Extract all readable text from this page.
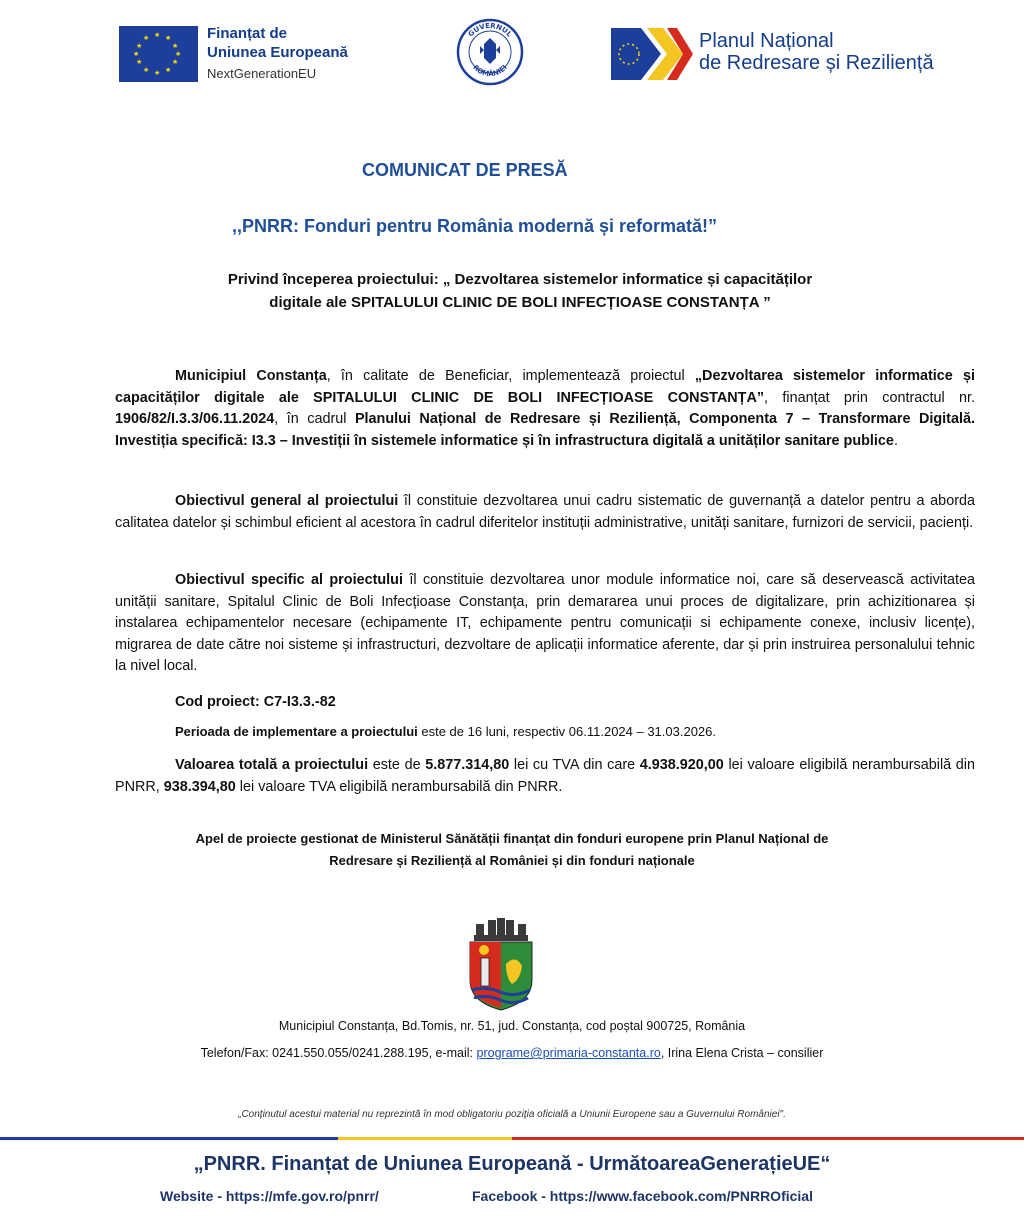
★ ★
★
★
★
★
★
★
★
★
★
★	Finanțat de
Uniunea Europeană
NextGenerationEU
GUVERNUL
ROMÂNIEI
Planul Național
de Redresare și Reziliență
COMUNICAT DE PRESĂ
,,PNRR: Fonduri pentru România modernă și reformată!”
Privind începerea proiectului: „ Dezvoltarea sistemelor informatice și capacităților
digitale ale SPITALULUI CLINIC DE BOLI INFECȚIOASE CONSTANȚA ”
Municipiul Constanța, în calitate de Beneficiar, implementează proiectul „Dezvoltarea sistemelor informatice și capacităților digitale ale SPITALULUI CLINIC DE BOLI INFECȚIOASE CONSTANȚA”, finanțat prin contractul nr. 1906/82/I.3.3/06.11.2024, în cadrul Planului Național de Redresare și Reziliență, Componenta 7 – Transformare Digitală. Investiția specifică: I3.3 – Investiții în sistemele informatice și în infrastructura digitală a unităților sanitare publice.
Obiectivul general al proiectului îl constituie dezvoltarea unui cadru sistematic de guvernanță a datelor pentru a aborda calitatea datelor și schimbul eficient al acestora în cadrul diferitelor instituții administrative, unități sanitare, furnizori de servicii, pacienți.
Obiectivul specific al proiectului îl constituie dezvoltarea unor module informatice noi, care să deservească activitatea unității sanitare, Spitalul Clinic de Boli Infecțioase Constanța, prin demararea unui proces de digitalizare, prin achizitionarea și instalarea echipamentelor necesare (echipamente IT, echipamente pentru comunicații si echipamente conexe, inclusiv licențe), migrarea de date către noi sisteme și infrastructuri, dezvoltare de aplicații informatice aferente, dar și prin instruirea personalului tehnic la nivel local.
Cod proiect: C7-I3.3.-82
Perioada de implementare a proiectului este de 16 luni, respectiv 06.11.2024 – 31.03.2026.
Valoarea totală a proiectului este de 5.877.314,80 lei cu TVA din care 4.938.920,00 lei valoare eligibilă nerambursabilă din PNRR, 938.394,80 lei valoare TVA eligibilă nerambursabilă din PNRR.
Apel de proiecte gestionat de Ministerul Sănătății finanțat din fonduri europene prin Planul Național de
Redresare și Reziliență al României și din fonduri naționale
Municipiul Constanța, Bd.Tomis, nr. 51, jud. Constanța, cod poștal 900725, România
Telefon/Fax: 0241.550.055/0241.288.195, e-mail: programe@primaria-constanta.ro, Irina Elena Crista – consilier
„Conținutul acestui material nu reprezintă în mod obligatoriu poziția oficială a Uniunii Europene sau a Guvernului României".
„PNRR. Finanțat de Uniunea Europeană - UrmătoareaGenerațieUE“
Website - https://mfe.gov.ro/pnrr/	Facebook - https://www.facebook.com/PNRROficial
